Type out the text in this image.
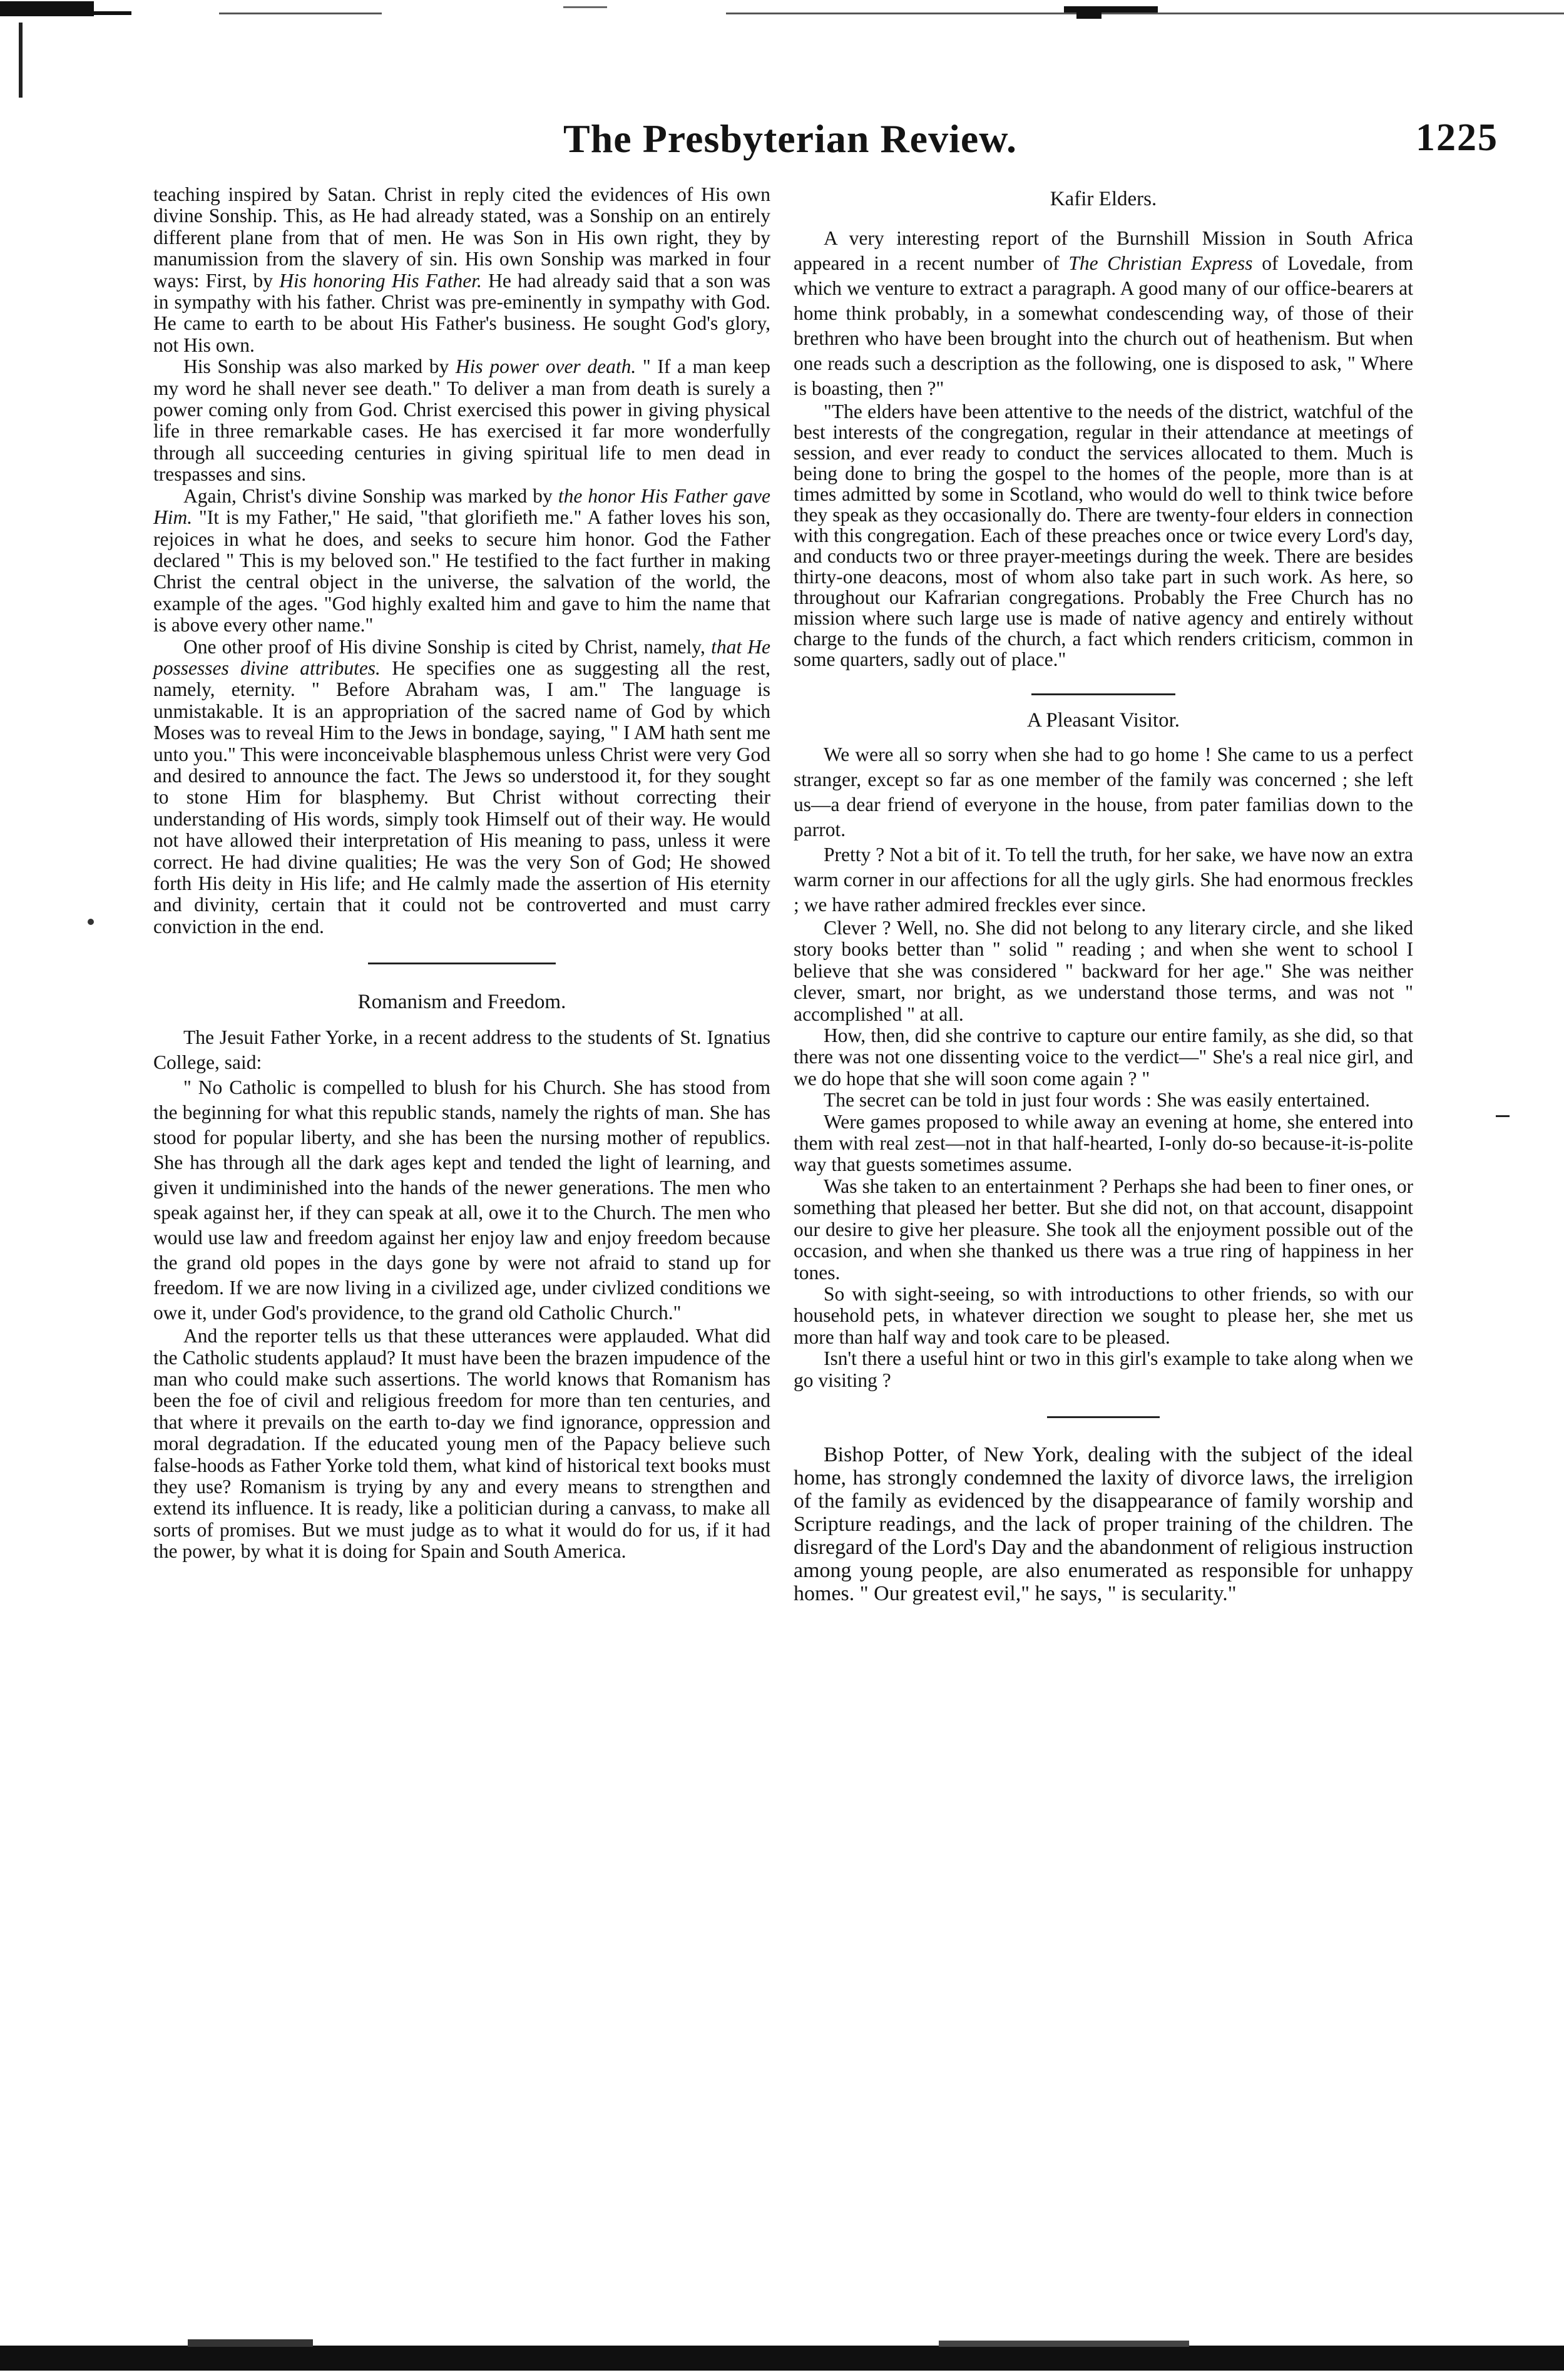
The Presbyterian Review.	1225

teaching inspired by Satan. Christ in reply cited the evidences of His own divine Sonship. This, as He had already stated, was a Sonship on an entirely different plane from that of men. He was Son in His own right, they by manumission from the slavery of sin. His own Sonship was marked in four ways: First, by His honoring His Father. He had already said that a son was in sympathy with his father. Christ was pre-eminently in sympathy with God. He came to earth to be about His Father's business. He sought God's glory, not His own.

His Sonship was also marked by His power over death. " If a man keep my word he shall never see death." To deliver a man from death is surely a power coming only from God. Christ exercised this power in giving physical life in three remarkable cases. He has exercised it far more wonderfully through all succeeding centuries in giving spiritual life to men dead in trespasses and sins.

Again, Christ's divine Sonship was marked by the honor His Father gave Him. "It is my Father," He said, "that glorifieth me." A father loves his son, rejoices in what he does, and seeks to secure him honor. God the Father declared " This is my beloved son." He testified to the fact further in making Christ the central object in the universe, the salvation of the world, the example of the ages. "God highly exalted him and gave to him the name that is above every other name."

One other proof of His divine Sonship is cited by Christ, namely, that He possesses divine attributes. He specifies one as suggesting all the rest, namely, eternity. " Before Abraham was, I am." The language is unmistakable. It is an appropriation of the sacred name of God by which Moses was to reveal Him to the Jews in bondage, saying, " I AM hath sent me unto you." This were inconceivable blasphemous unless Christ were very God and desired to announce the fact. The Jews so understood it, for they sought to stone Him for blasphemy. But Christ without correcting their understanding of His words, simply took Himself out of their way. He would not have allowed their interpretation of His meaning to pass, unless it were correct. He had divine qualities; He was the very Son of God; He showed forth His deity in His life; and He calmly made the assertion of His eternity and divinity, certain that it could not be controverted and must carry conviction in the end.

Romanism and Freedom.

The Jesuit Father Yorke, in a recent address to the students of St. Ignatius College, said:

" No Catholic is compelled to blush for his Church. She has stood from the beginning for what this republic stands, namely the rights of man. She has stood for popular liberty, and she has been the nursing mother of republics. She has through all the dark ages kept and tended the light of learning, and given it undiminished into the hands of the newer generations. The men who speak against her, if they can speak at all, owe it to the Church. The men who would use law and freedom against her enjoy law and enjoy freedom because the grand old popes in the days gone by were not afraid to stand up for freedom. If we are now living in a civilized age, under civlized conditions we owe it, under God's providence, to the grand old Catholic Church."

And the reporter tells us that these utterances were applauded. What did the Catholic students applaud? It must have been the brazen impudence of the man who could make such assertions. The world knows that Romanism has been the foe of civil and religious freedom for more than ten centuries, and that where it prevails on the earth to-day we find ignorance, oppression and moral degradation. If the educated young men of the Papacy believe such false-hoods as Father Yorke told them, what kind of historical text books must they use? Romanism is trying by any and every means to strengthen and extend its influence. It is ready, like a politician during a canvass, to make all sorts of promises. But we must judge as to what it would do for us, if it had the power, by what it is doing for Spain and South America.

Kafir Elders.

A very interesting report of the Burnshill Mission in South Africa appeared in a recent number of The Christian Express of Lovedale, from which we venture to extract a paragraph. A good many of our office-bearers at home think probably, in a somewhat condescending way, of those of their brethren who have been brought into the church out of heathenism. But when one reads such a description as the following, one is disposed to ask, " Where is boasting, then ?"

"The elders have been attentive to the needs of the district, watchful of the best interests of the congregation, regular in their attendance at meetings of session, and ever ready to conduct the services allocated to them. Much is being done to bring the gospel to the homes of the people, more than is at times admitted by some in Scotland, who would do well to think twice before they speak as they occasionally do. There are twenty-four elders in connection with this congregation. Each of these preaches once or twice every Lord's day, and conducts two or three prayer-meetings during the week. There are besides thirty-one deacons, most of whom also take part in such work. As here, so throughout our Kafrarian congregations. Probably the Free Church has no mission where such large use is made of native agency and entirely without charge to the funds of the church, a fact which renders criticism, common in some quarters, sadly out of place."

A Pleasant Visitor.

We were all so sorry when she had to go home ! She came to us a perfect stranger, except so far as one member of the family was concerned ; she left us—a dear friend of everyone in the house, from pater familias down to the parrot.

Pretty ? Not a bit of it. To tell the truth, for her sake, we have now an extra warm corner in our affections for all the ugly girls. She had enormous freckles ; we have rather admired freckles ever since.

Clever ? Well, no. She did not belong to any literary circle, and she liked story books better than " solid " reading ; and when she went to school I believe that she was considered " backward for her age." She was neither clever, smart, nor bright, as we understand those terms, and was not " accomplished " at all.

How, then, did she contrive to capture our entire family, as she did, so that there was not one dissenting voice to the verdict—" She's a real nice girl, and we do hope that she will soon come again ? "

The secret can be told in just four words : She was easily entertained.

Were games proposed to while away an evening at home, she entered into them with real zest—not in that half-hearted, I-only do-so because-it-is-polite way that guests sometimes assume.

Was she taken to an entertainment ? Perhaps she had been to finer ones, or something that pleased her better. But she did not, on that account, disappoint our desire to give her pleasure. She took all the enjoyment possible out of the occasion, and when she thanked us there was a true ring of happiness in her tones.

So with sight-seeing, so with introductions to other friends, so with our household pets, in whatever direction we sought to please her, she met us more than half way and took care to be pleased.

Isn't there a useful hint or two in this girl's example to take along when we go visiting ?

Bishop Potter, of New York, dealing with the subject of the ideal home, has strongly condemned the laxity of divorce laws, the irreligion of the family as evidenced by the disappearance of family worship and Scripture readings, and the lack of proper training of the children. The disregard of the Lord's Day and the abandonment of religious instruction among young people, are also enumerated as responsible for unhappy homes. " Our greatest evil," he says, " is secularity."
